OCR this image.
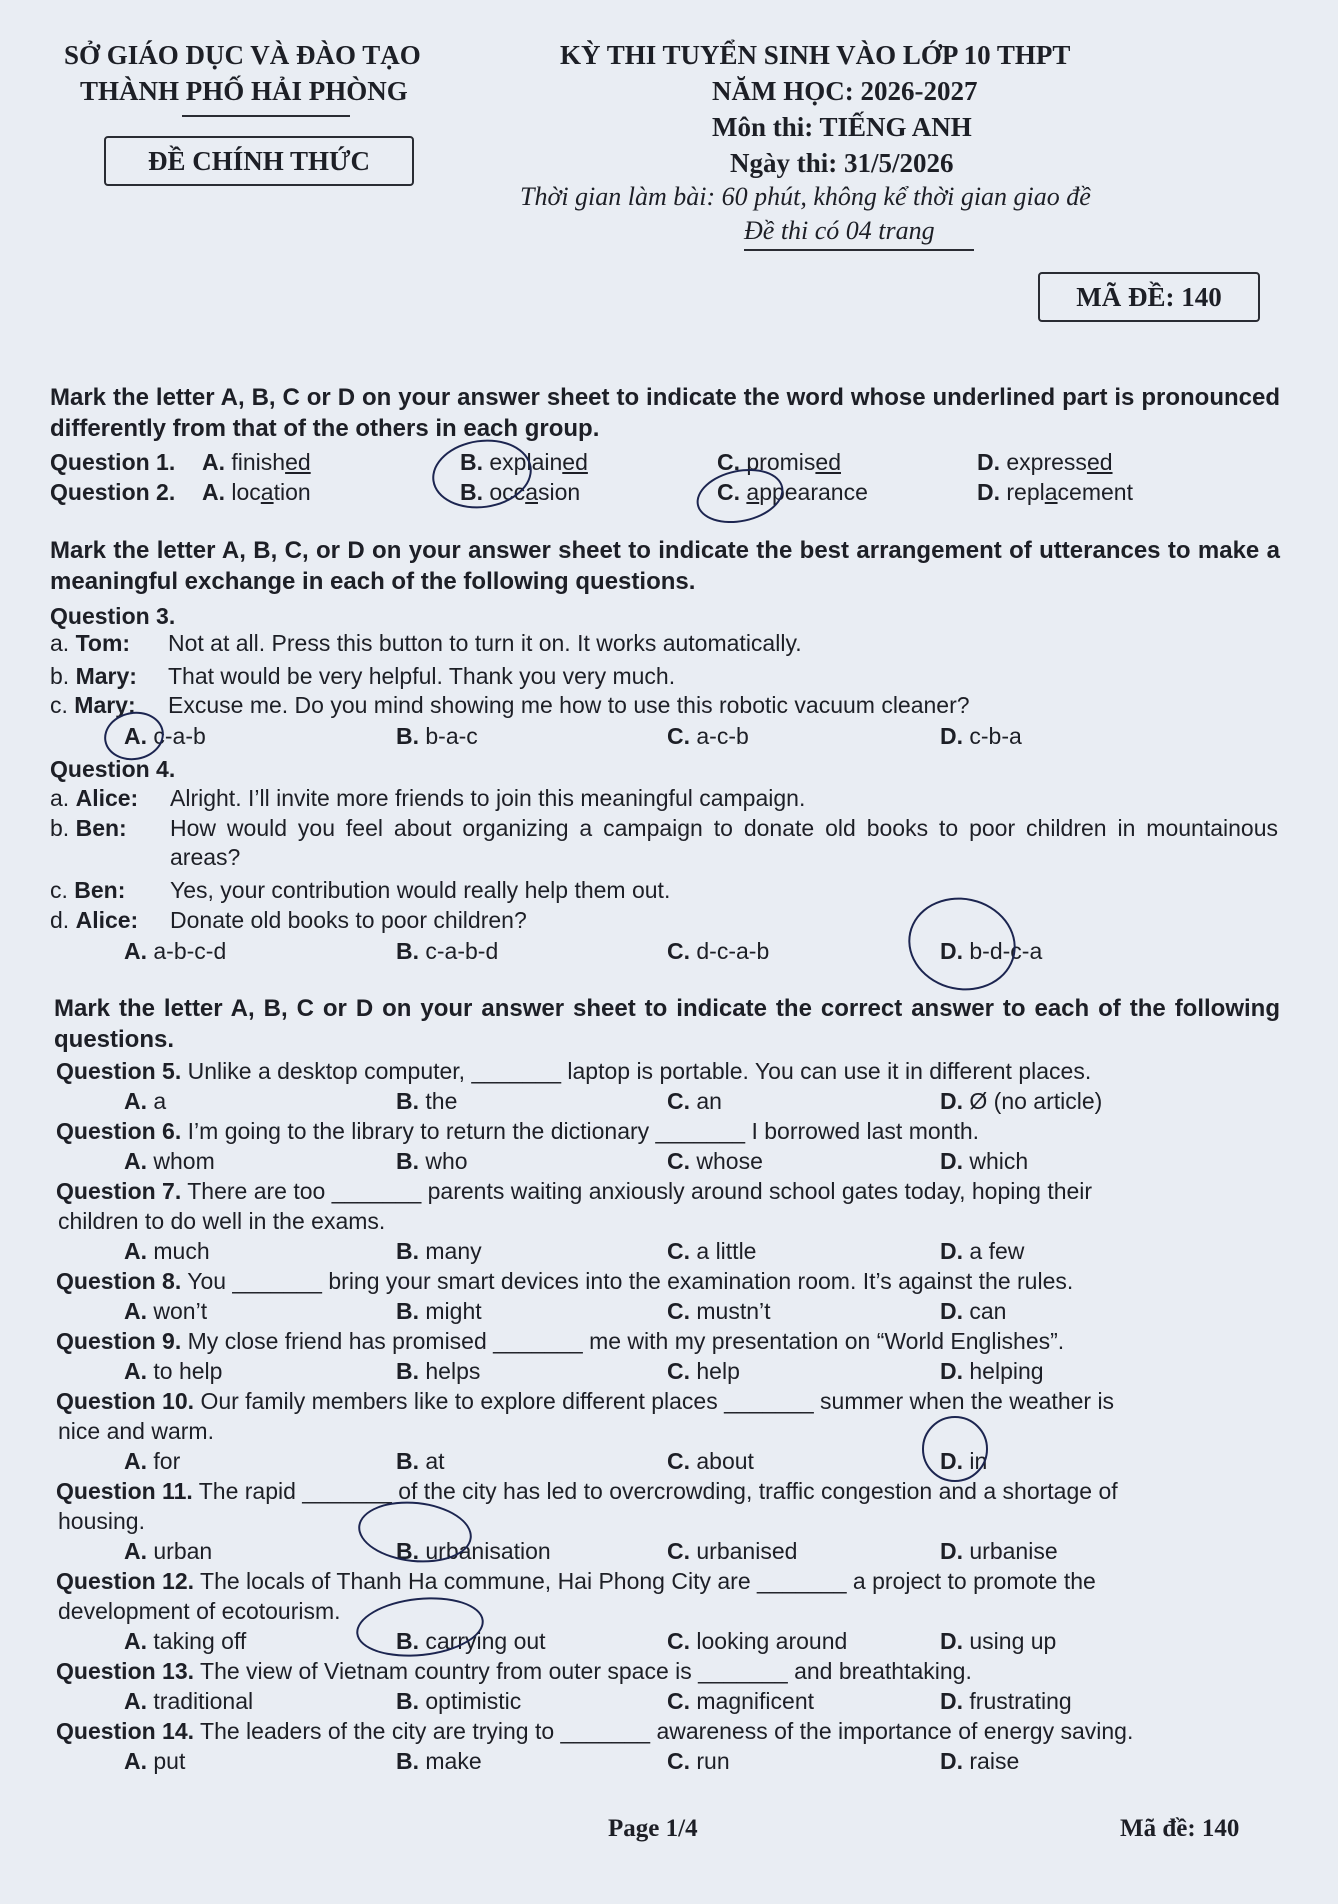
SỞ GIÁO DỤC VÀ ĐÀO TẠO
THÀNH PHỐ HẢI PHÒNG
ĐỀ CHÍNH THỨC
KỲ THI TUYỂN SINH VÀO LỚP 10 THPT
NĂM HỌC: 2026-2027
Môn thi: TIẾNG ANH
Ngày thi: 31/5/2026
Thời gian làm bài: 60 phút, không kể thời gian giao đề
Đề thi có 04 trang
MÃ ĐỀ: 140
Mark the letter A, B, C or D on your answer sheet to indicate the word whose underlined part is pronounced differently from that of the others in each group.
Question 1. A. finished	B. explained	C. promised	D. expressed
Question 2. A. location	B. occasion	C. appearance	D. replacement
Mark the letter A, B, C, or D on your answer sheet to indicate the best arrangement of utterances to make a meaningful exchange in each of the following questions.
Question 3.
a. Tom: Not at all. Press this button to turn it on. It works automatically.
b. Mary: That would be very helpful. Thank you very much.
c. Mary: Excuse me. Do you mind showing me how to use this robotic vacuum cleaner?
A. c-a-b	B. b-a-c	C. a-c-b	D. c-b-a
Question 4.
a. Alice: Alright. I’ll invite more friends to join this meaningful campaign.
b. Ben: How would you feel about organizing a campaign to donate old books to poor children in mountainous areas?
c. Ben: Yes, your contribution would really help them out.
d. Alice: Donate old books to poor children?
A. a-b-c-d	B. c-a-b-d	C. d-c-a-b	D. b-d-c-a
Mark the letter A, B, C or D on your answer sheet to indicate the correct answer to each of the following questions.
Question 5. Unlike a desktop computer, _______ laptop is portable. You can use it in different places.
A. a	B. the	C. an	D. Ø (no article)
Question 6. I’m going to the library to return the dictionary _______ I borrowed last month.
A. whom	B. who	C. whose	D. which
Question 7. There are too _______ parents waiting anxiously around school gates today, hoping their
children to do well in the exams.
A. much	B. many	C. a little	D. a few
Question 8. You _______ bring your smart devices into the examination room. It’s against the rules.
A. won’t	B. might	C. mustn’t	D. can
Question 9. My close friend has promised _______ me with my presentation on “World Englishes”.
A. to help	B. helps	C. help	D. helping
Question 10. Our family members like to explore different places _______ summer when the weather is
nice and warm.
A. for	B. at	C. about	D. in
Question 11. The rapid _______ of the city has led to overcrowding, traffic congestion and a shortage of
housing.
A. urban	B. urbanisation	C. urbanised	D. urbanise
Question 12. The locals of Thanh Ha commune, Hai Phong City are _______ a project to promote the
development of ecotourism.
A. taking off	B. carrying out	C. looking around	D. using up
Question 13. The view of Vietnam country from outer space is _______ and breathtaking.
A. traditional	B. optimistic	C. magnificent	D. frustrating
Question 14. The leaders of the city are trying to _______ awareness of the importance of energy saving.
A. put	B. make	C. run	D. raise
Page 1/4	Mã đề: 140
